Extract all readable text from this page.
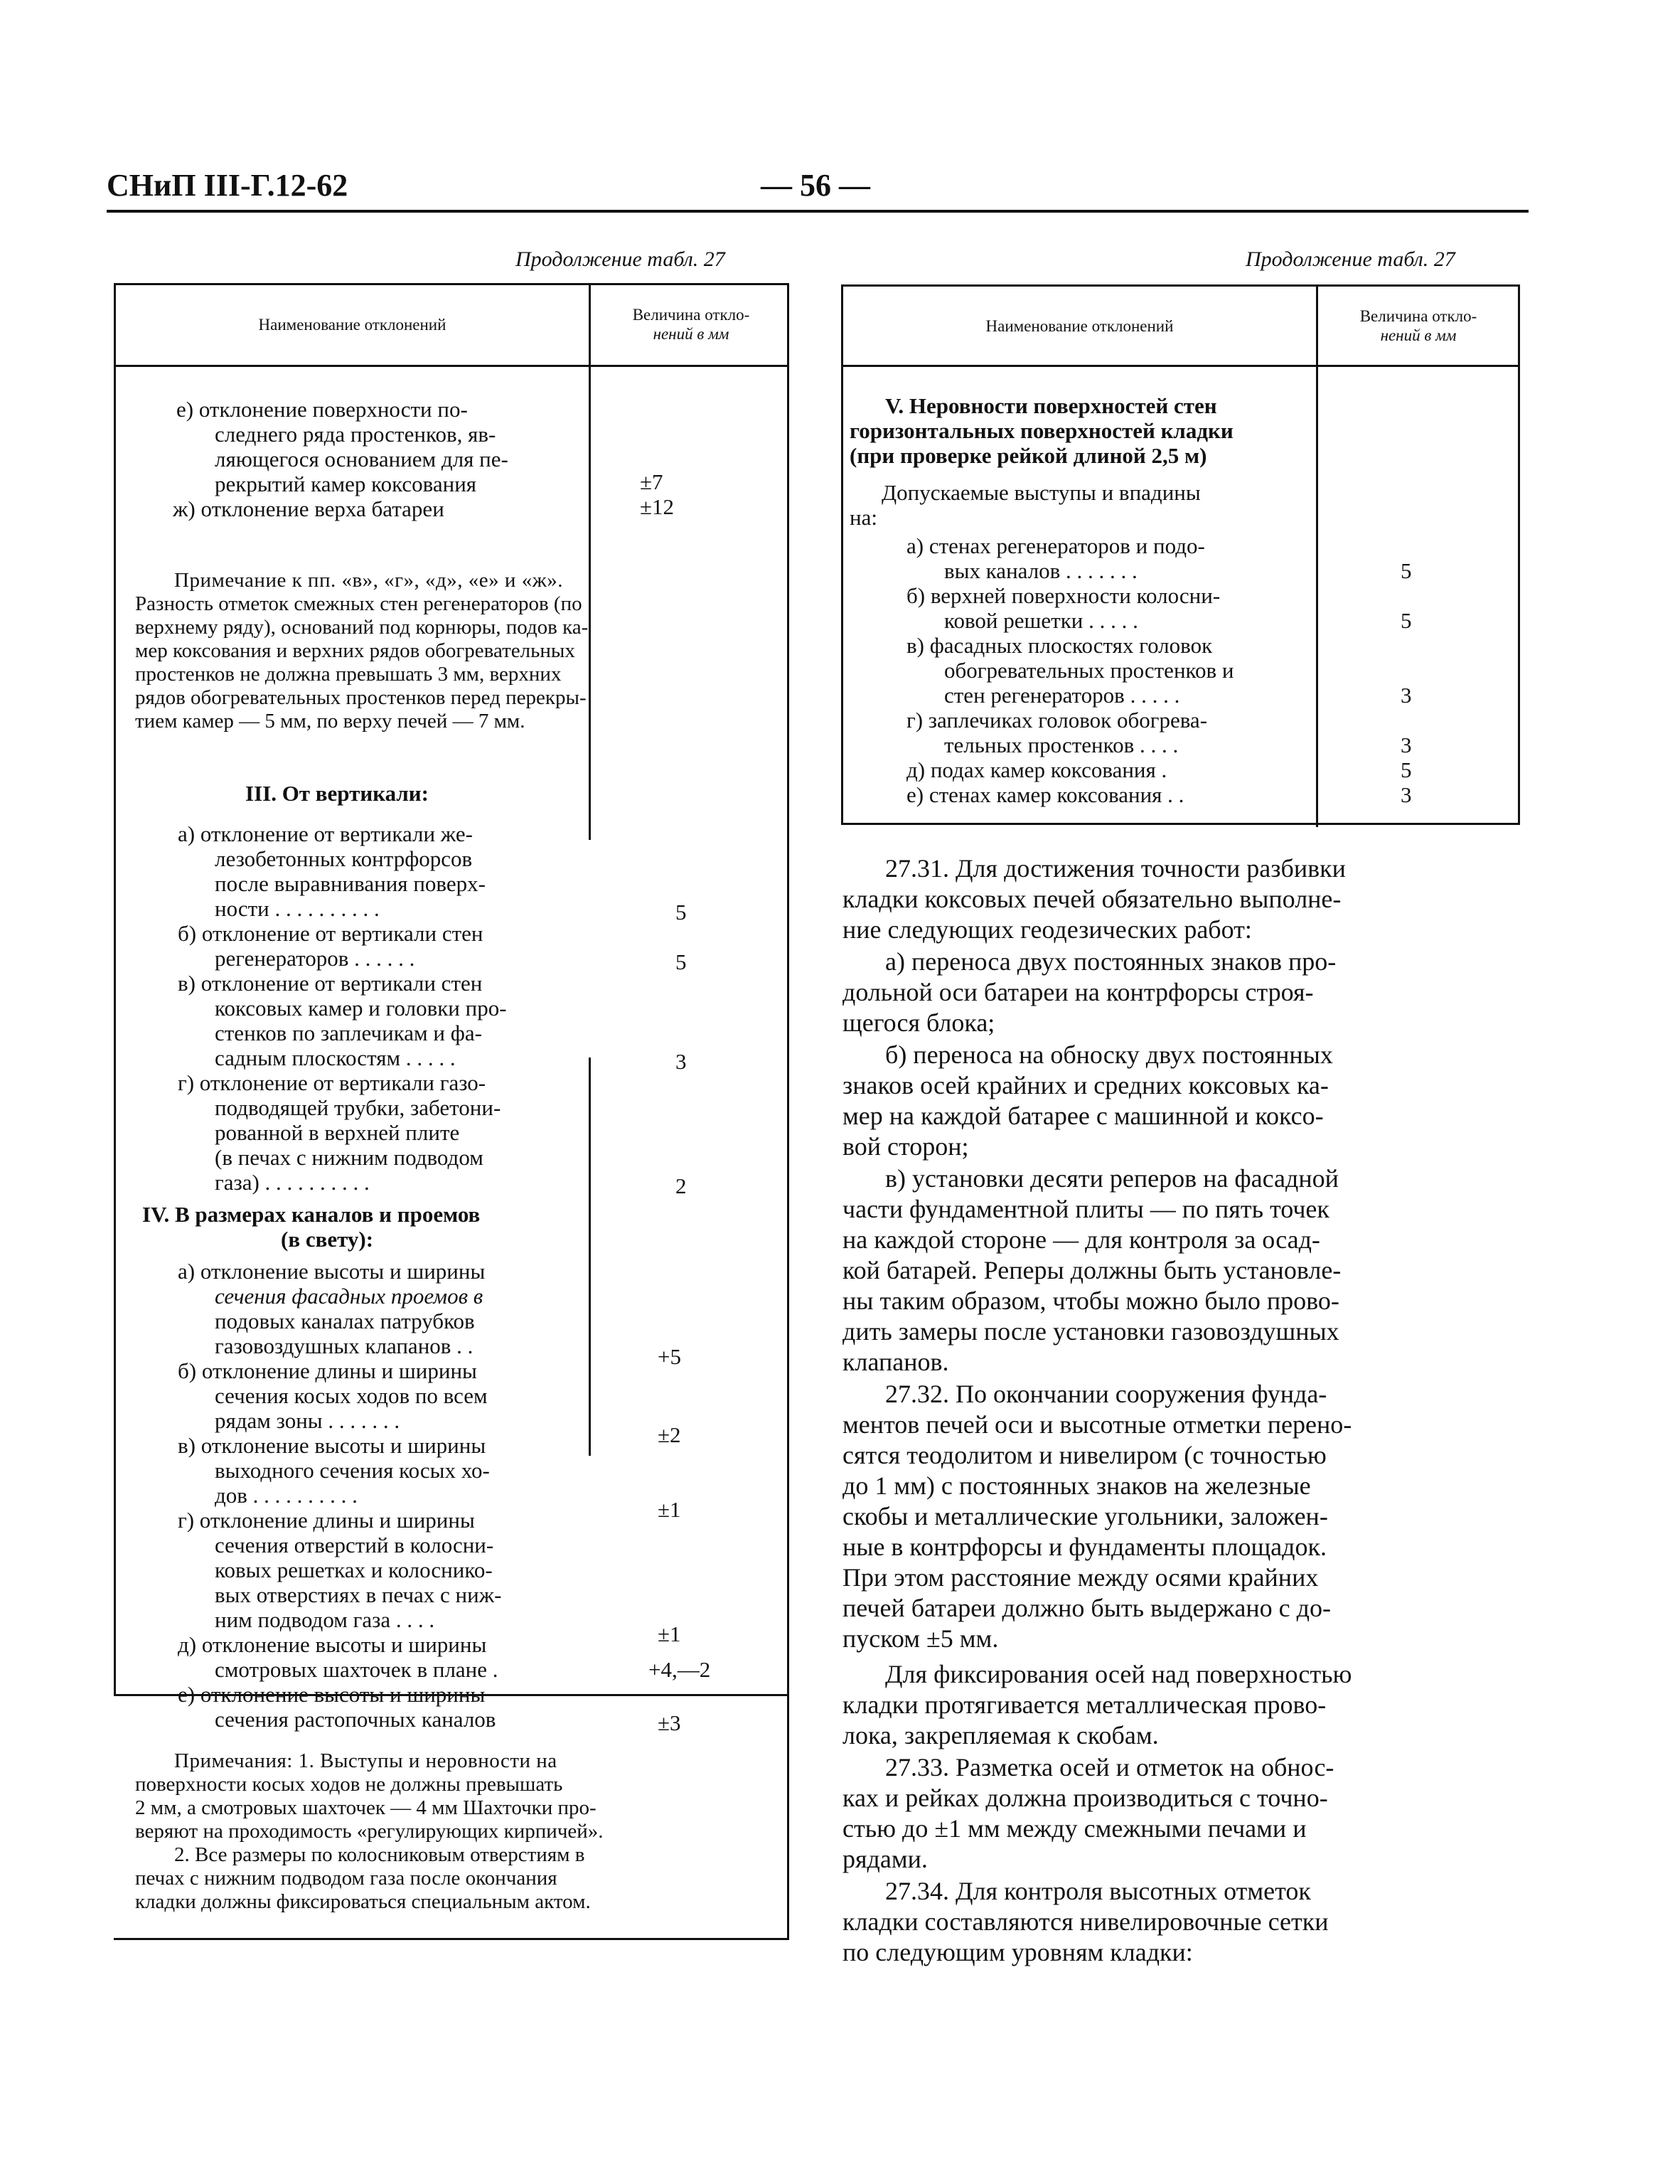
СНиП III-Г.12-62	— 56 —
Продолжение табл. 27
Наименование отклонений
Величина откло-
нений в мм
е) отклонение поверхности по-
следнего ряда простенков, яв-
ляющегося основанием для пе-
рекрытий камер коксования
ж) отклонение верха батареи
±7
±12
Примечание к пп. «в», «г», «д», «е» и «ж».
Разность отметок смежных стен регенераторов (по
верхнему ряду), оснований под корнюры, подов ка-
мер коксования и верхних рядов обогревательных
простенков не должна превышать 3 мм, верхних
рядов обогревательных простенков перед перекры-
тием камер — 5 мм, по верху печей — 7 мм.
III. От вертикали:
а) отклонение от вертикали же-
лезобетонных контрфорсов
после выравнивания поверх-
ности . . . . . . . . . .
б) отклонение от вертикали стен
регенераторов . . . . . .
в) отклонение от вертикали стен
коксовых камер и головки про-
стенков по заплечикам и фа-
садным плоскостям . . . . .
г) отклонение от вертикали газо-
подводящей трубки, забетони-
рованной в верхней плите
(в печах с нижним подводом
газа) . . . . . . . . . .
5
5
3
2
IV. В размерах каналов и проемов
(в свету):
а) отклонение высоты и ширины
сечения фасадных проемов в
подовых каналах патрубков
газовоздушных клапанов . .
б) отклонение длины и ширины
сечения косых ходов по всем
рядам зоны . . . . . . .
в) отклонение высоты и ширины
выходного сечения косых хо-
дов . . . . . . . . . .
г) отклонение длины и ширины
сечения отверстий в колосни-
ковых решетках и колоснико-
вых отверстиях в печах с ниж-
ним подводом газа . . . .
д) отклонение высоты и ширины
смотровых шахточек в плане .
е) отклонение высоты и ширины
сечения растопочных каналов
+5
±2
±1
±1
+4,—2
±3
Примечания: 1. Выступы и неровности на
поверхности косых ходов не должны превышать
2 мм, а смотровых шахточек — 4 мм Шахточки про-
веряют на проходимость «регулирующих кирпичей».
2. Все размеры по колосниковым отверстиям в
печах с нижним подводом газа после окончания
кладки должны фиксироваться специальным актом.
Продолжение табл. 27
Наименование отклонений
Величина откло-
нений в мм
V. Неровности поверхностей стен
горизонтальных поверхностей кладки
(при проверке рейкой длиной 2,5 м)
Допускаемые выступы и впадины
на:
а) стенах регенераторов и подо-
вых каналов . . . . . . .
б) верхней поверхности колосни-
ковой решетки . . . . .
в) фасадных плоскостях головок
обогревательных простенков и
стен регенераторов . . . . .
г) заплечиках головок обогрева-
тельных простенков . . . .
д) подах камер коксования .
е) стенах камер коксования . .
5
5
3
3
5
3
27.31. Для достижения точности разбивки
кладки коксовых печей обязательно выполне-
ние следующих геодезических работ:
а) переноса двух постоянных знаков про-
дольной оси батареи на контрфорсы строя-
щегося блока;
б) переноса на обноску двух постоянных
знаков осей крайних и средних коксовых ка-
мер на каждой батарее с машинной и коксо-
вой сторон;
в) установки десяти реперов на фасадной
части фундаментной плиты — по пять точек
на каждой стороне — для контроля за осад-
кой батарей. Реперы должны быть установле-
ны таким образом, чтобы можно было прово-
дить замеры после установки газовоздушных
клапанов.
27.32. По окончании сооружения фунда-
ментов печей оси и высотные отметки перено-
сятся теодолитом и нивелиром (с точностью
до 1 мм) с постоянных знаков на железные
скобы и металлические угольники, заложен-
ные в контрфорсы и фундаменты площадок.
При этом расстояние между осями крайних
печей батареи должно быть выдержано с до-
пуском ±5 мм.
Для фиксирования осей над поверхностью
кладки протягивается металлическая прово-
лока, закрепляемая к скобам.
27.33. Разметка осей и отметок на обнос-
ках и рейках должна производиться с точно-
стью до ±1 мм между смежными печами и
рядами.
27.34. Для контроля высотных отметок
кладки составляются нивелировочные сетки
по следующим уровням кладки:
